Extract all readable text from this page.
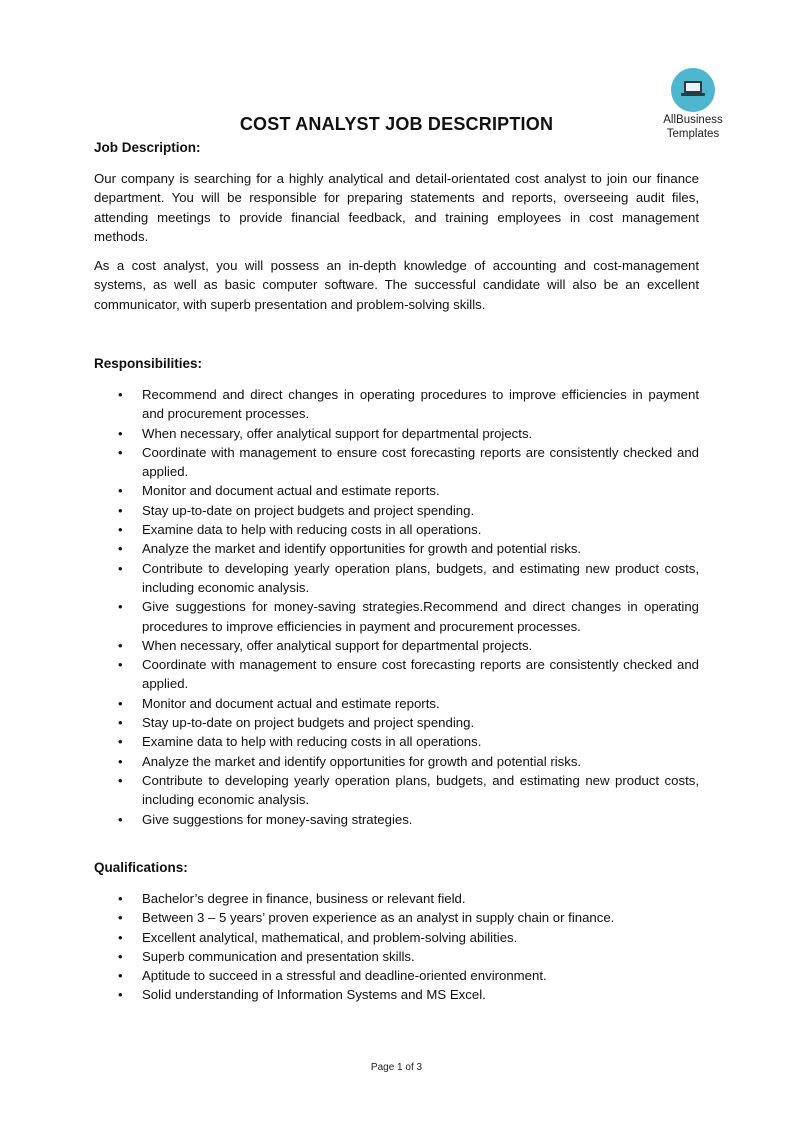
AllBusiness
Templates
COST ANALYST JOB DESCRIPTION
Job Description:

Our company is searching for a highly analytical and detail-orientated cost analyst to join our finance department. You will be responsible for preparing statements and reports, overseeing audit files, attending meetings to provide financial feedback, and training employees in cost management methods.

As a cost analyst, you will possess an in-depth knowledge of accounting and cost-management systems, as well as basic computer software. The successful candidate will also be an excellent communicator, with superb presentation and problem-solving skills.

Responsibilities:
• Recommend and direct changes in operating procedures to improve efficiencies in payment and procurement processes.
• When necessary, offer analytical support for departmental projects.
• Coordinate with management to ensure cost forecasting reports are consistently checked and applied.
• Monitor and document actual and estimate reports.
• Stay up-to-date on project budgets and project spending.
• Examine data to help with reducing costs in all operations.
• Analyze the market and identify opportunities for growth and potential risks.
• Contribute to developing yearly operation plans, budgets, and estimating new product costs, including economic analysis.
• Give suggestions for money-saving strategies.Recommend and direct changes in operating procedures to improve efficiencies in payment and procurement processes.
• When necessary, offer analytical support for departmental projects.
• Coordinate with management to ensure cost forecasting reports are consistently checked and applied.
• Monitor and document actual and estimate reports.
• Stay up-to-date on project budgets and project spending.
• Examine data to help with reducing costs in all operations.
• Analyze the market and identify opportunities for growth and potential risks.
• Contribute to developing yearly operation plans, budgets, and estimating new product costs, including economic analysis.
• Give suggestions for money-saving strategies.
Qualifications:
• Bachelor’s degree in finance, business or relevant field.
• Between 3 – 5 years’ proven experience as an analyst in supply chain or finance.
• Excellent analytical, mathematical, and problem-solving abilities.
• Superb communication and presentation skills.
• Aptitude to succeed in a stressful and deadline-oriented environment.
• Solid understanding of Information Systems and MS Excel.
Page 1 of 3
